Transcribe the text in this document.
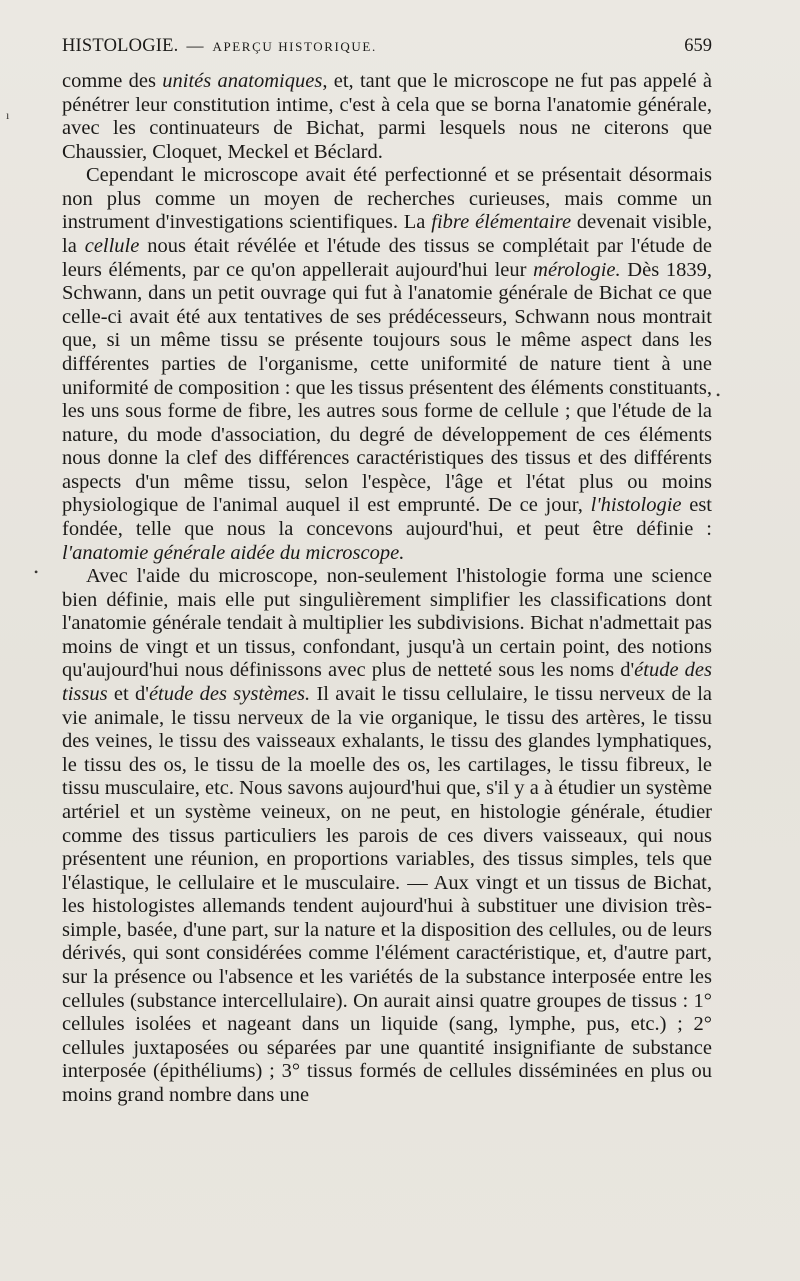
HISTOLOGIE. — APERÇU HISTORIQUE.	659

comme des unités anatomiques, et, tant que le microscope ne fut pas appelé à pénétrer leur constitution intime, c'est à cela que se borna l'anatomie générale, avec les continuateurs de Bichat, parmi lesquels nous ne citerons que Chaussier, Cloquet, Meckel et Béclard.

Cependant le microscope avait été perfectionné et se présentait désormais non plus comme un moyen de recherches curieuses, mais comme un instrument d'investigations scientifiques. La fibre élémentaire devenait visible, la cellule nous était révélée et l'étude des tissus se complétait par l'étude de leurs éléments, par ce qu'on appellerait aujourd'hui leur mérologie. Dès 1839, Schwann, dans un petit ouvrage qui fut à l'anatomie générale de Bichat ce que celle-ci avait été aux tentatives de ses prédécesseurs, Schwann nous montrait que, si un même tissu se présente toujours sous le même aspect dans les différentes parties de l'organisme, cette uniformité de nature tient à une uniformité de composition : que les tissus présentent des éléments constituants, les uns sous forme de fibre, les autres sous forme de cellule ; que l'étude de la nature, du mode d'association, du degré de développement de ces éléments nous donne la clef des différences caractéristiques des tissus et des différents aspects d'un même tissu, selon l'espèce, l'âge et l'état plus ou moins physiologique de l'animal auquel il est emprunté. De ce jour, l'histologie est fondée, telle que nous la concevons aujourd'hui, et peut être définie : l'anatomie générale aidée du microscope.

Avec l'aide du microscope, non-seulement l'histologie forma une science bien définie, mais elle put singulièrement simplifier les classifications dont l'anatomie générale tendait à multiplier les subdivisions. Bichat n'admettait pas moins de vingt et un tissus, confondant, jusqu'à un certain point, des notions qu'aujourd'hui nous définissons avec plus de netteté sous les noms d'étude des tissus et d'étude des systèmes. Il avait le tissu cellulaire, le tissu nerveux de la vie animale, le tissu nerveux de la vie organique, le tissu des artères, le tissu des veines, le tissu des vaisseaux exhalants, le tissu des glandes lymphatiques, le tissu des os, le tissu de la moelle des os, les cartilages, le tissu fibreux, le tissu musculaire, etc. Nous savons aujourd'hui que, s'il y a à étudier un système artériel et un système veineux, on ne peut, en histologie générale, étudier comme des tissus particuliers les parois de ces divers vaisseaux, qui nous présentent une réunion, en proportions variables, des tissus simples, tels que l'élastique, le cellulaire et le musculaire. — Aux vingt et un tissus de Bichat, les histologistes allemands tendent aujourd'hui à substituer une division très-simple, basée, d'une part, sur la nature et la disposition des cellules, ou de leurs dérivés, qui sont considérées comme l'élément caractéristique, et, d'autre part, sur la présence ou l'absence et les variétés de la substance interposée entre les cellules (substance intercellulaire). On aurait ainsi quatre groupes de tissus : 1° cellules isolées et nageant dans un liquide (sang, lymphe, pus, etc.) ; 2° cellules juxtaposées ou séparées par une quantité insignifiante de substance interposée (épithéliums) ; 3° tissus formés de cellules disséminées en plus ou moins grand nombre dans une

ı
•
•
